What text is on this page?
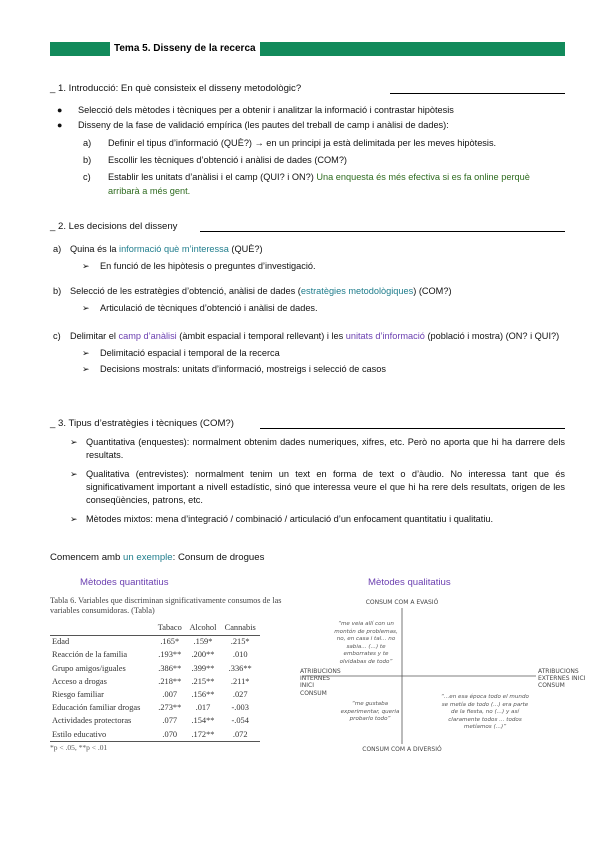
Tema 5. Disseny de la recerca
_ 1. Introducció: En què consisteix el disseny metodològic?
● Selecció dels mètodes i tècniques per a obtenir i analitzar la informació i contrastar hipòtesis
● Disseny de la fase de validació empírica (les pautes del treball de camp i anàlisi de dades):
a) Definir el tipus d’informació (QUÈ?) → en un principi ja està delimitada per les meves hipòtesis.
b) Escollir les tècniques d’obtenció i anàlisi de dades (COM?)
c) Establir les unitats d’anàlisi i el camp (QUI? i ON?) Una enquesta és més efectiva si es fa online perquè arribarà a més gent.
_ 2. Les decisions del disseny
a) Quina és la informació què m’interessa (QUÈ?)
➢ En funció de les hipòtesis o preguntes d’investigació.
b) Selecció de les estratègies d’obtenció, anàlisi de dades (estratègies metodològiques) (COM?)
➢ Articulació de tècniques d’obtenció i anàlisi de dades.
c) Delimitar el camp d’anàlisi (àmbit espacial i temporal rellevant) i les unitats d’informació (població i mostra) (ON? i QUI?)
➢ Delimitació espacial i temporal de la recerca
➢ Decisions mostrals: unitats d’informació, mostreigs i selecció de casos
_ 3. Tipus d’estratègies i tècniques (COM?)
➢ Quantitativa (enquestes): normalment obtenim dades numeriques, xifres, etc. Però no aporta que hi ha darrere dels resultats.
➢ Qualitativa (entrevistes): normalment tenim un text en forma de text o d’àudio. No interessa tant que és significativament important a nivell estadístic, sinó que interessa veure el que hi ha rere dels resultats, origen de les conseqüències, patrons, etc.
➢ Mètodes mixtos: mena d’integració / combinació / articulació d’un enfocament quantitatiu i qualitatiu.
Comencem amb un exemple: Consum de drogues
Mètodes quantitatius	Mètodes qualitatius
Tabla 6. Variables que discriminan significativamente consumos de las variables consumidoras. (Tabla)
	Tabaco	Alcohol	Cannabis
Edad	.165*	.159*	.215*
Reacción de la familia	.193**	.200**	.010
Grupo amigos/iguales	.386**	.399**	.336**
Acceso a drogas	.218**	.215**	.211*
Riesgo familiar	.007	.156**	.027
Educación familiar drogas	.273**	.017	-.003
Actividades protectoras	.077	.154**	-.054
Estilo educativo	.070	.172**	.072
*p < .05, **p < .01
CONSUM COM A EVASIÓ
CONSUM COM A DIVERSIÓ
ATRIBUCIONS INTERNES INICI CONSUM
ATRIBUCIONS EXTERNES INICI CONSUM
“me veia allí con un montón de problemas, no, en casa i tal... no sabia... (...) te emborrates y te olvidabas de todo”
“me gustaba experimentar, queria probarlo todo”
“...en esa época todo el mundo se metía de todo (...) era parte de la fiesta, no (...) y así claramente todos ... todos metíamos (...)”
